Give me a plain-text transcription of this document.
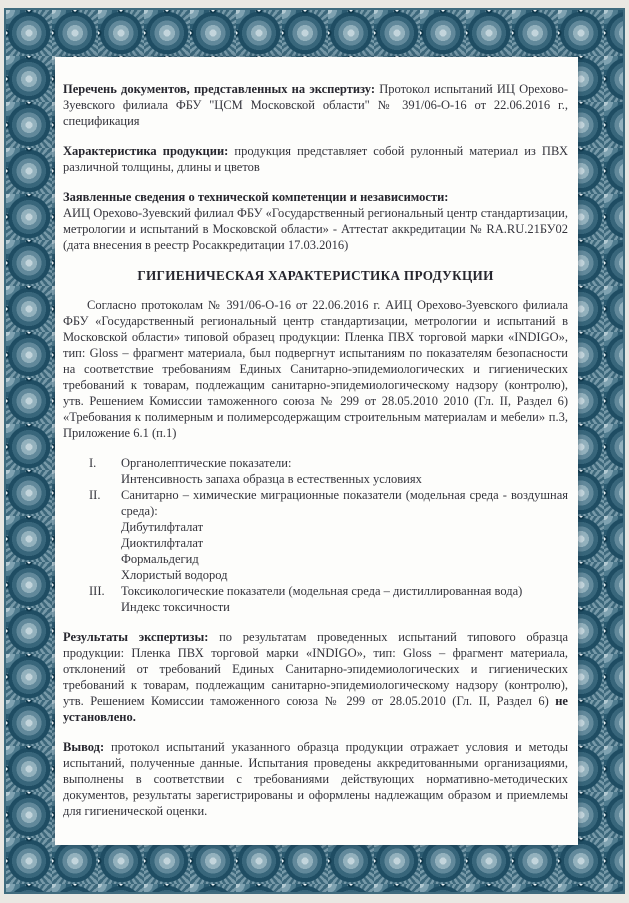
Перечень документов, представленных на экспертизу: Протокол испытаний ИЦ Орехово-Зуевского филиала ФБУ "ЦСМ Московской области" № 391/06-О-16 от 22.06.2016 г., спецификация

Характеристика продукции: продукция представляет собой рулонный материал из ПВХ различной толщины, длины и цветов

Заявленные сведения о технической компетенции и независимости:
АИЦ Орехово-Зуевский филиал ФБУ «Государственный региональный центр стандартизации, метрологии и испытаний в Московской области» - Аттестат аккредитации № RA.RU.21БУ02 (дата внесения в реестр Росаккредитации 17.03.2016)

ГИГИЕНИЧЕСКАЯ ХАРАКТЕРИСТИКА ПРОДУКЦИИ

Согласно протоколам № 391/06-О-16 от 22.06.2016 г. АИЦ Орехово-Зуевского филиала ФБУ «Государственный региональный центр стандартизации, метрологии и испытаний в Московской области» типовой образец продукции: Пленка ПВХ торговой марки «INDIGO», тип: Gloss – фрагмент материала, был подвергнут испытаниям по показателям безопасности на соответствие требованиям Единых Санитарно-эпидемиологических и гигиенических требований к товарам, подлежащим санитарно-эпидемиологическому надзору (контролю), утв. Решением Комиссии таможенного союза № 299 от 28.05.2010 2010 (Гл. II, Раздел 6) «Требования к полимерным и полимерсодержащим строительным материалам и мебели» п.3, Приложение 6.1 (п.1)

I. Органолептические показатели:
Интенсивность запаха образца в естественных условиях
II. Санитарно – химические миграционные показатели (модельная среда - воздушная среда):
Дибутилфталат
Диоктилфталат
Формальдегид
Хлористый водород
III. Токсикологические показатели (модельная среда – дистиллированная вода)
Индекс токсичности

Результаты экспертизы: по результатам проведенных испытаний типового образца продукции: Пленка ПВХ торговой марки «INDIGO», тип: Gloss – фрагмент материала, отклонений от требований Единых Санитарно-эпидемиологических и гигиенических требований к товарам, подлежащим санитарно-эпидемиологическому надзору (контролю), утв. Решением Комиссии таможенного союза № 299 от 28.05.2010 (Гл. II, Раздел 6) не установлено.

Вывод: протокол испытаний указанного образца продукции отражает условия и методы испытаний, полученные данные. Испытания проведены аккредитованными организациями, выполнены в соответствии с требованиями действующих нормативно-методических документов, результаты зарегистрированы и оформлены надлежащим образом и приемлемы для гигиенической оценки.
